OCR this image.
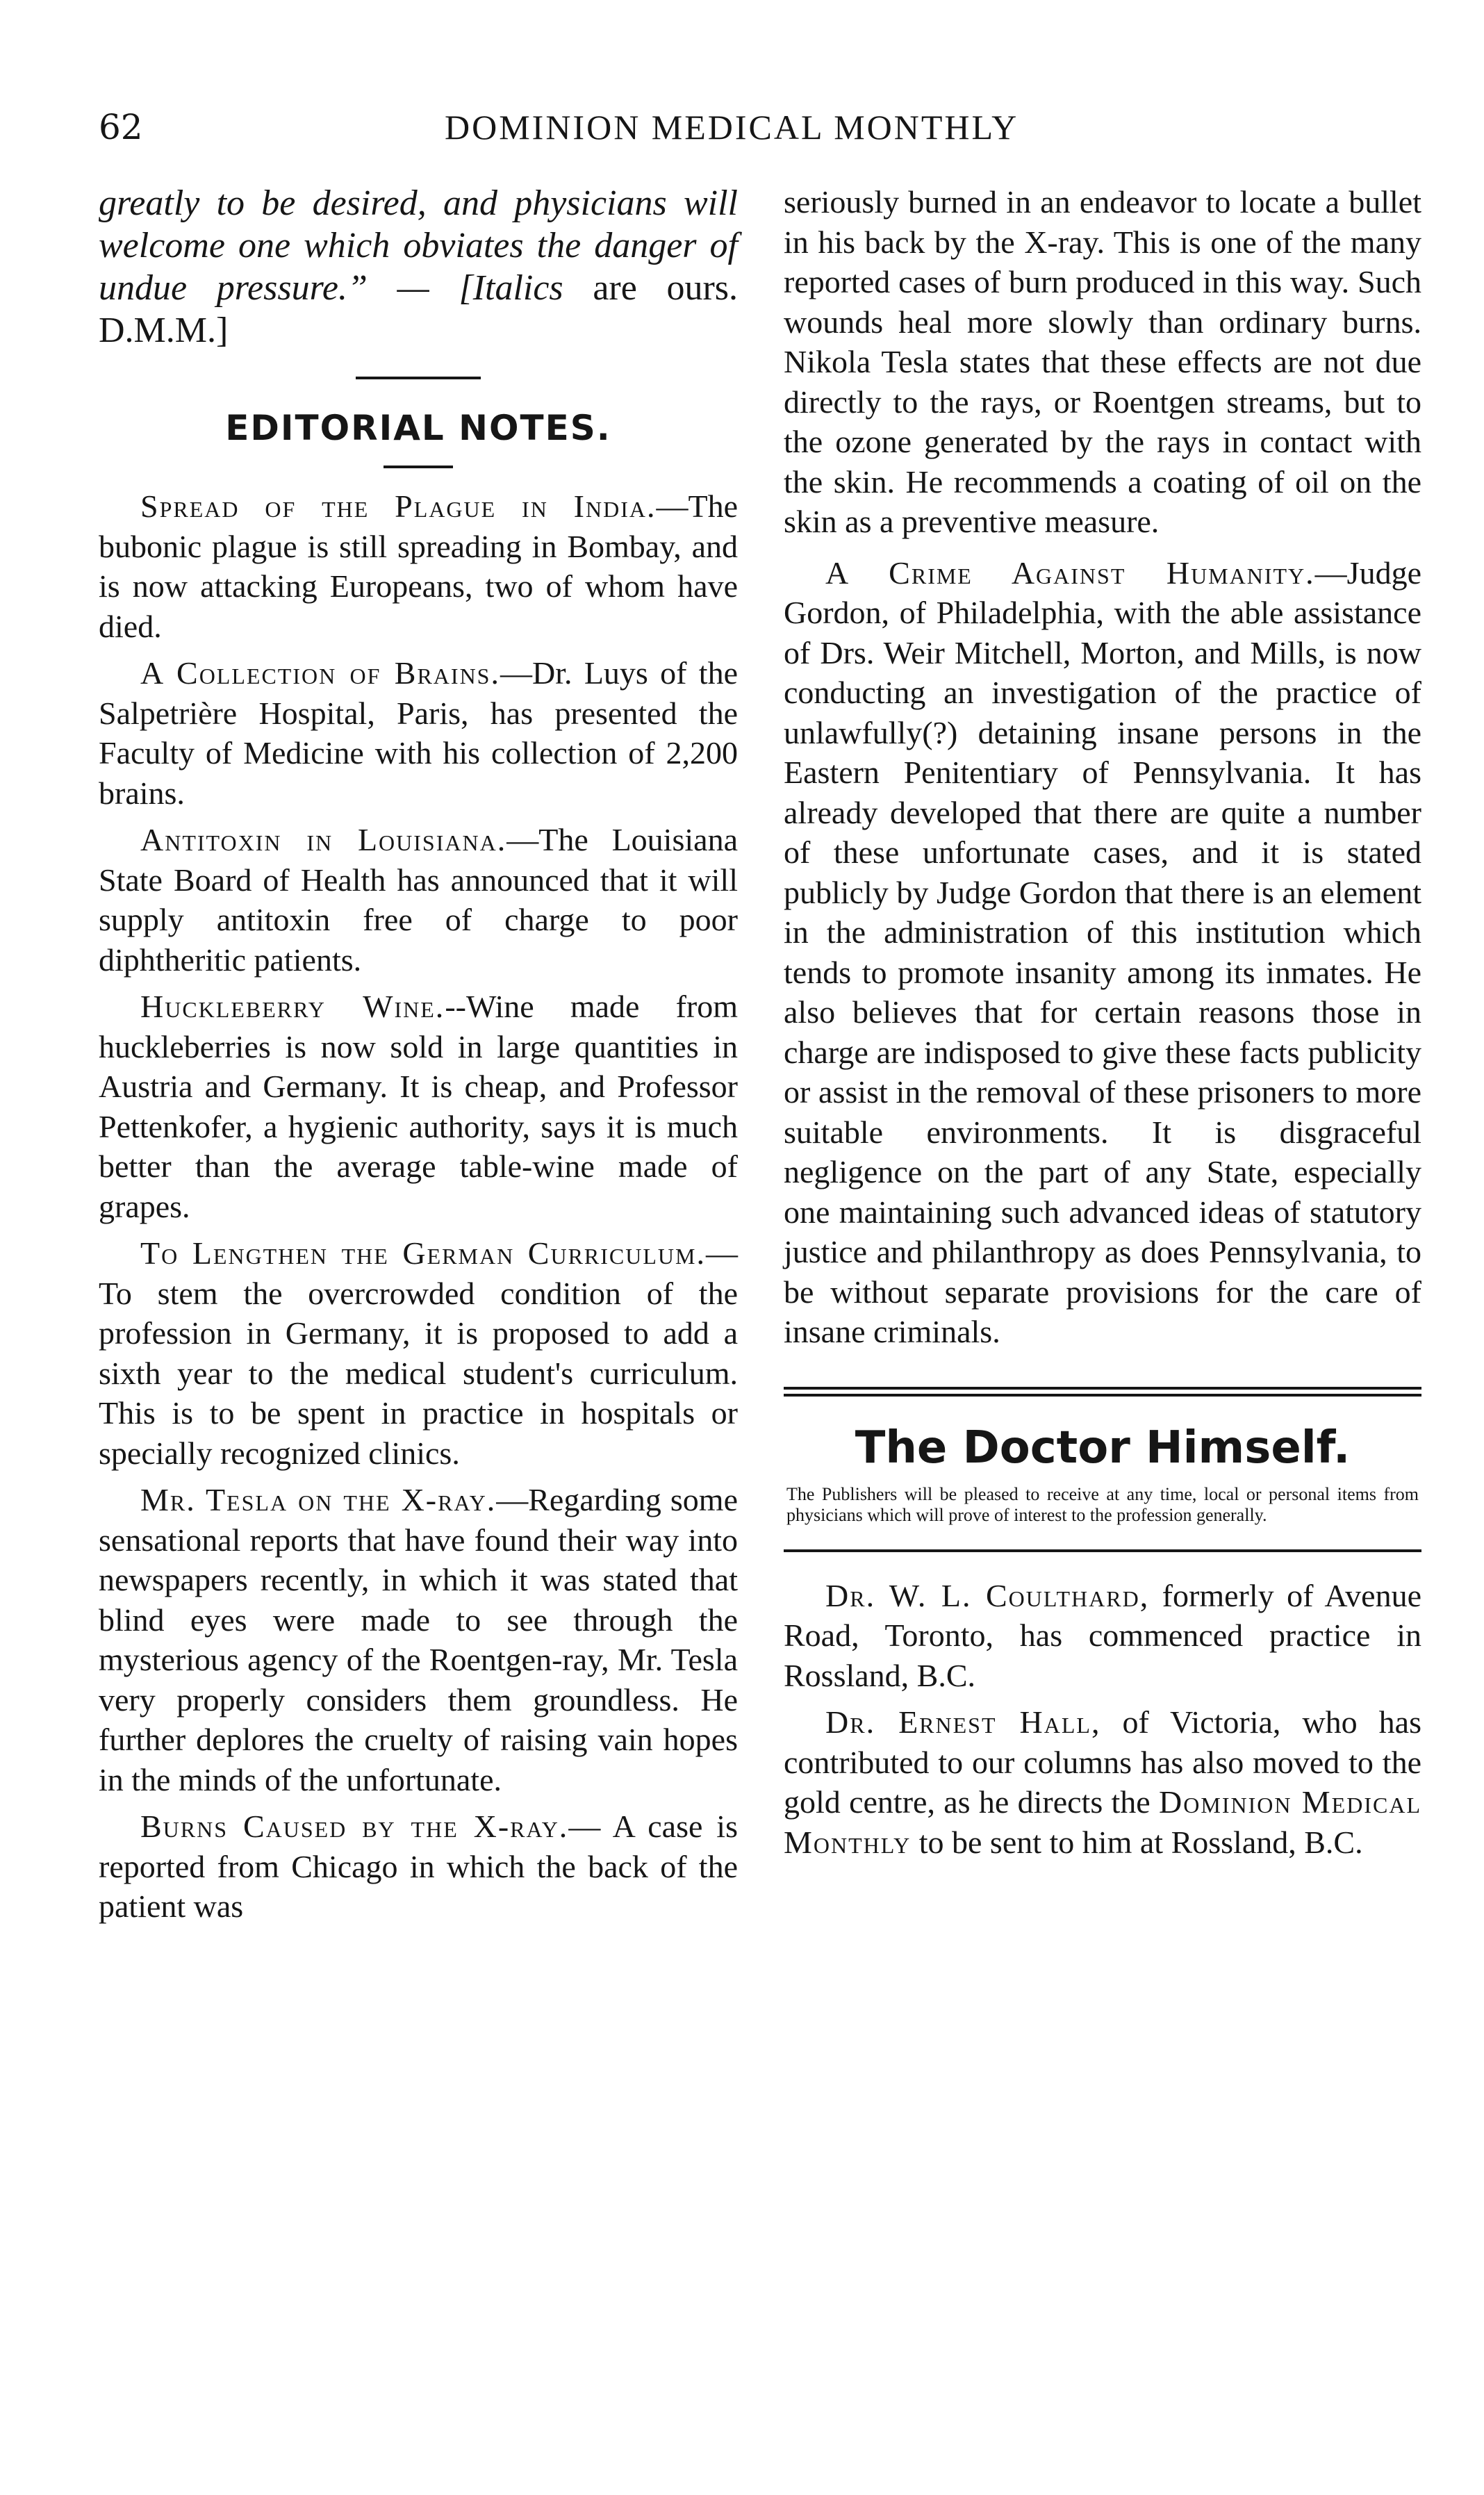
62	DOMINION MEDICAL MONTHLY

greatly to be desired, and physicians will welcome one which obviates the danger of undue pressure.” — [Italics are ours. D.M.M.]

EDITORIAL NOTES.

Spread of the Plague in India.—The bubonic plague is still spreading in Bombay, and is now attacking Europeans, two of whom have died.

A Collection of Brains.—Dr. Luys of the Salpetrière Hospital, Paris, has presented the Faculty of Medicine with his collection of 2,200 brains.

Antitoxin in Louisiana.—The Louisiana State Board of Health has announced that it will supply antitoxin free of charge to poor diphtheritic patients.

Huckleberry Wine.--Wine made from huckleberries is now sold in large quantities in Austria and Germany. It is cheap, and Professor Pettenkofer, a hygienic authority, says it is much better than the average table-wine made of grapes.

To Lengthen the German Curriculum.— To stem the overcrowded condition of the profession in Germany, it is proposed to add a sixth year to the medical student's curriculum. This is to be spent in practice in hospitals or specially recognized clinics.

Mr. Tesla on the X-ray.—Regarding some sensational reports that have found their way into newspapers recently, in which it was stated that blind eyes were made to see through the mysterious agency of the Roentgen-ray, Mr. Tesla very properly considers them groundless. He further deplores the cruelty of raising vain hopes in the minds of the unfortunate.

Burns Caused by the X-ray.— A case is reported from Chicago in which the back of the patient was

seriously burned in an endeavor to locate a bullet in his back by the X-ray. This is one of the many reported cases of burn produced in this way. Such wounds heal more slowly than ordinary burns. Nikola Tesla states that these effects are not due directly to the rays, or Roentgen streams, but to the ozone generated by the rays in contact with the skin. He recommends a coating of oil on the skin as a preventive measure.

A Crime Against Humanity.—Judge Gordon, of Philadelphia, with the able assistance of Drs. Weir Mitchell, Morton, and Mills, is now conducting an investigation of the practice of unlawfully(?) detaining insane persons in the Eastern Penitentiary of Pennsylvania. It has already developed that there are quite a number of these unfortunate cases, and it is stated publicly by Judge Gordon that there is an element in the administration of this institution which tends to promote insanity among its inmates. He also believes that for certain reasons those in charge are indisposed to give these facts publicity or assist in the removal of these prisoners to more suitable environments. It is disgraceful negligence on the part of any State, especially one maintaining such advanced ideas of statutory justice and philanthropy as does Pennsylvania, to be without separate provisions for the care of insane criminals.

The Doctor Himself.
The Publishers will be pleased to receive at any time, local or personal items from physicians which will prove of interest to the profession generally.

Dr. W. L. Coulthard, formerly of Avenue Road, Toronto, has commenced practice in Rossland, B.C.

Dr. Ernest Hall, of Victoria, who has contributed to our columns has also moved to the gold centre, as he directs the Dominion Medical Monthly to be sent to him at Rossland, B.C.
